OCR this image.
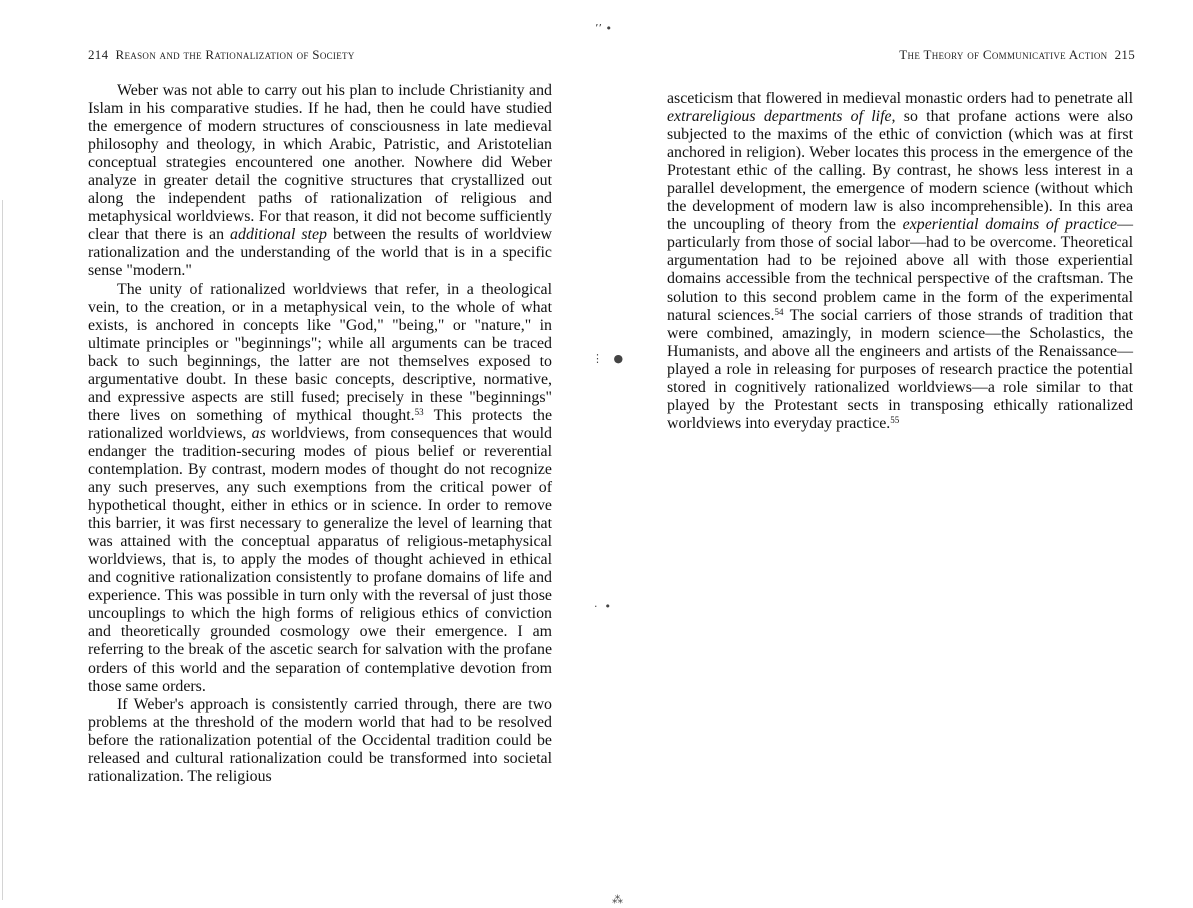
214 Reason and the Rationalization of Society

Weber was not able to carry out his plan to include Christianity and Islam in his comparative studies. If he had, then he could have studied the emergence of modern structures of consciousness in late medieval philosophy and theology, in which Arabic, Patristic, and Aristotelian conceptual strategies encountered one another. Nowhere did Weber analyze in greater detail the cognitive structures that crystallized out along the independent paths of rationalization of religious and metaphysical worldviews. For that reason, it did not become sufficiently clear that there is an additional step between the results of worldview rationalization and the understanding of the world that is in a specific sense "modern."

The unity of rationalized worldviews that refer, in a theological vein, to the creation, or in a metaphysical vein, to the whole of what exists, is anchored in concepts like "God," "being," or "nature," in ultimate principles or "beginnings"; while all arguments can be traced back to such beginnings, the latter are not themselves exposed to argumentative doubt. In these basic concepts, descriptive, normative, and expressive aspects are still fused; precisely in these "beginnings" there lives on something of mythical thought.$^{53}$ This protects the rationalized worldviews, as worldviews, from consequences that would endanger the tradition-securing modes of pious belief or reverential contemplation. By contrast, modern modes of thought do not recognize any such preserves, any such exemptions from the critical power of hypothetical thought, either in ethics or in science. In order to remove this barrier, it was first necessary to generalize the level of learning that was attained with the conceptual apparatus of religious-metaphysical worldviews, that is, to apply the modes of thought achieved in ethical and cognitive rationalization consistently to profane domains of life and experience. This was possible in turn only with the reversal of just those uncouplings to which the high forms of religious ethics of conviction and theoretically grounded cosmology owe their emergence. I am referring to the break of the ascetic search for salvation with the profane orders of this world and the separation of contemplative devotion from those same orders.

If Weber's approach is consistently carried through, there are two problems at the threshold of the modern world that had to be resolved before the rationalization potential of the Occidental tradition could be released and cultural rationalization could be transformed into societal rationalization. The religious

The Theory of Communicative Action 215

asceticism that flowered in medieval monastic orders had to penetrate all extrareligious departments of life, so that profane actions were also subjected to the maxims of the ethic of conviction (which was at first anchored in religion). Weber locates this process in the emergence of the Protestant ethic of the calling. By contrast, he shows less interest in a parallel development, the emergence of modern science (without which the development of modern law is also incomprehensible). In this area the uncoupling of theory from the experiential domains of practice—particularly from those of social labor—had to be overcome. Theoretical argumentation had to be rejoined above all with those experiential domains accessible from the technical perspective of the craftsman. The solution to this second problem came in the form of the experimental natural sciences.$^{54}$ The social carriers of those strands of tradition that were combined, amazingly, in modern science—the Scholastics, the Humanists, and above all the engineers and artists of the Renaissance—played a role in releasing for purposes of research practice the potential stored in cognitively rationalized worldviews—a role similar to that played by the Protestant sects in transposing ethically rationalized worldviews into everyday practice.$^{55}$

’’ •
⋮   ●
·  •
⁂
